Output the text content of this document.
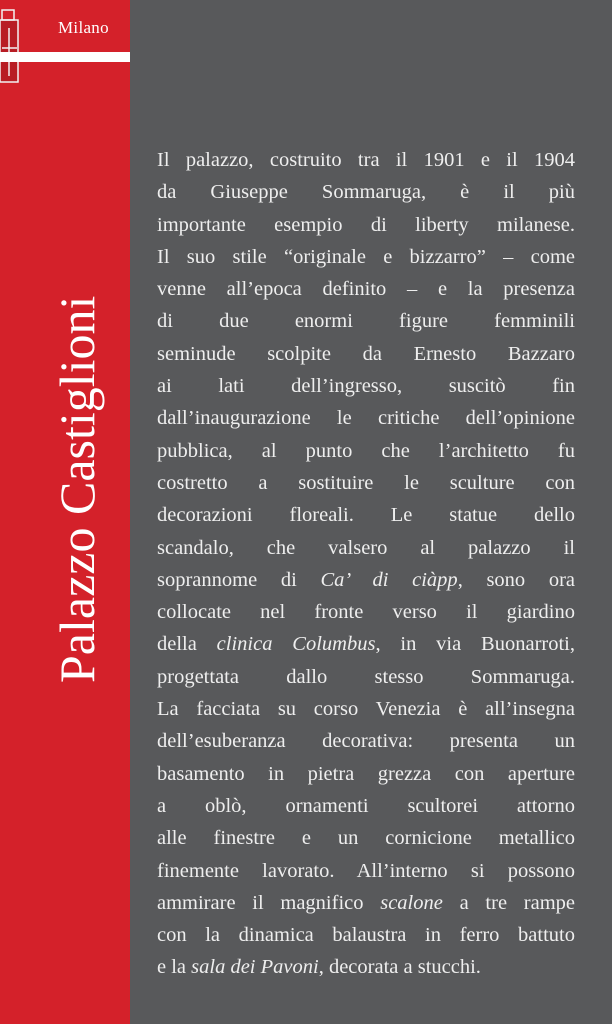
Milano
Palazzo Castiglioni
Il palazzo, costruito tra il 1901 e il 1904
da Giuseppe Sommaruga, è il più
importante esempio di liberty milanese.
Il suo stile “originale e bizzarro” – come
venne all’epoca definito – e la presenza
di due enormi figure femminili
seminude scolpite da Ernesto Bazzaro
ai lati dell’ingresso, suscitò fin
dall’inaugurazione le critiche dell’opinione
pubblica, al punto che l’architetto fu
costretto a sostituire le sculture con
decorazioni floreali. Le statue dello
scandalo, che valsero al palazzo il
soprannome di Ca’ di ciàpp, sono ora
collocate nel fronte verso il giardino
della clinica Columbus, in via Buonarroti,
progettata dallo stesso Sommaruga.
La facciata su corso Venezia è all’insegna
dell’esuberanza decorativa: presenta un
basamento in pietra grezza con aperture
a oblò, ornamenti scultorei attorno
alle finestre e un cornicione metallico
finemente lavorato. All’interno si possono
ammirare il magnifico scalone a tre rampe
con la dinamica balaustra in ferro battuto
e la sala dei Pavoni, decorata a stucchi.
